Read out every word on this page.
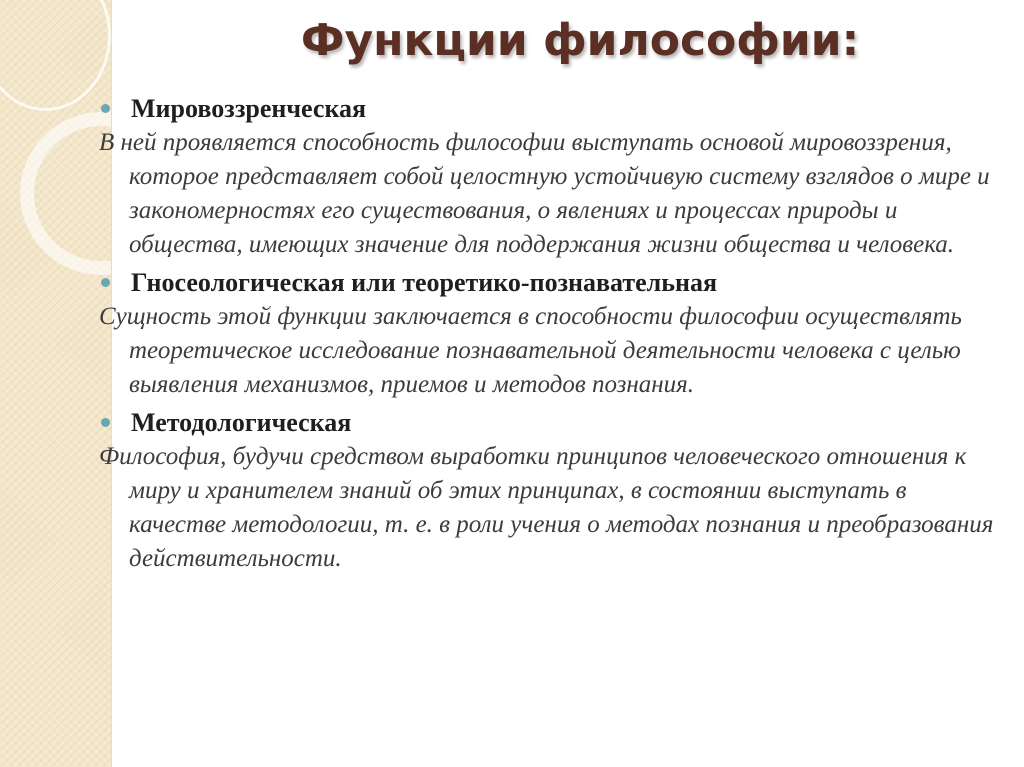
Функции философии:

Мировоззренческая

В ней проявляется способность философии выступать основой мировоззрения, которое представляет собой целостную устойчивую систему взглядов о мире и закономерностях его существования, о явлениях и процессах природы и общества, имеющих значение для поддержания жизни общества и человека.

Гносеологическая или теоретико-познавательная

Сущность этой функции заключается в способности философии осуществлять теоретическое исследование познавательной деятельности человека с целью выявления механизмов, приемов и методов познания.

Методологическая

Философия, будучи средством выработки принципов человеческого отношения к миру и хранителем знаний об этих принципах, в состоянии выступать в качестве методологии, т. е. в роли учения о методах познания и преобразования действительности.
